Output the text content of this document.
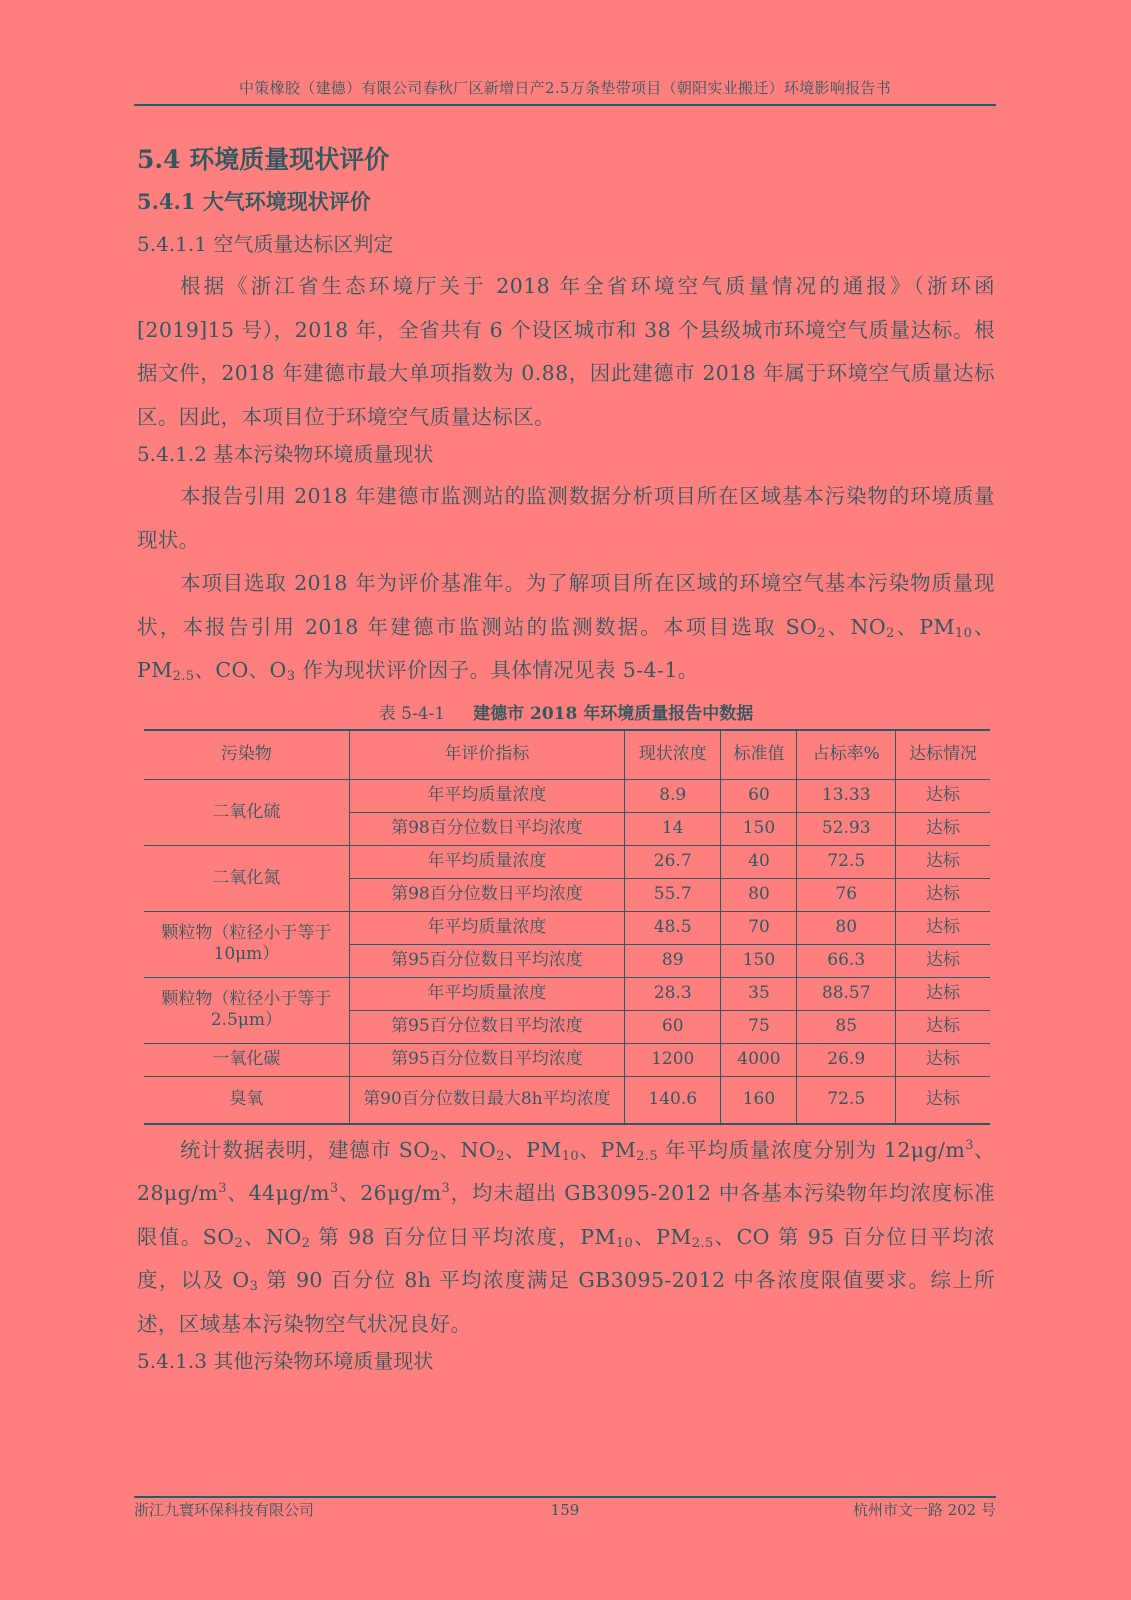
中策橡胶（建德）有限公司春秋厂区新增日产2.5万条垫带项目（朝阳实业搬迁）环境影响报告书
5.4 环境质量现状评价
5.4.1 大气环境现状评价
5.4.1.1 空气质量达标区判定

根据《浙江省生态环境厅关于 2018 年全省环境空气质量情况的通报》（浙环函[2019]15 号），2018 年，全省共有 6 个设区城市和 38 个县级城市环境空气质量达标。根据文件，2018 年建德市最大单项指数为 0.88，因此建德市 2018 年属于环境空气质量达标区。因此，本项目位于环境空气质量达标区。

5.4.1.2 基本污染物环境质量现状

本报告引用 2018 年建德市监测站的监测数据分析项目所在区域基本污染物的环境质量现状。

本项目选取 2018 年为评价基准年。为了解项目所在区域的环境空气基本污染物质量现状，本报告引用 2018 年建德市监测站的监测数据。本项目选取 $SO_2$、$NO_2$、$PM_{10}$、$PM_{2.5}$、CO、$O_3$ 作为现状评价因子。具体情况见表 5-4-1。

表 5-4-1 建德市 2018 年环境质量报告中数据
污染物	年评价指标	现状浓度	标准值	占标率%	达标情况
二氧化硫	年平均质量浓度	8.9	60	13.33	达标
	第98百分位数日平均浓度	14	150	52.93	达标
二氧化氮	年平均质量浓度	26.7	40	72.5	达标
	第98百分位数日平均浓度	55.7	80	76	达标
颗粒物（粒径小于等于10μm）	年平均质量浓度	48.5	70	80	达标
	第95百分位数日平均浓度	89	150	66.3	达标
颗粒物（粒径小于等于2.5μm）	年平均质量浓度	28.3	35	88.57	达标
	第95百分位数日平均浓度	60	75	85	达标
一氧化碳	第95百分位数日平均浓度	1200	4000	26.9	达标
臭氧	第90百分位数日最大8h平均浓度	140.6	160	72.5	达标

统计数据表明，建德市 $SO_2$、$NO_2$、$PM_{10}$、$PM_{2.5}$ 年平均质量浓度分别为 $12\mu g/m^3$、$28\mu g/m^3$、$44\mu g/m^3$、$26\mu g/m^3$，均未超出 GB3095-2012 中各基本污染物年均浓度标准限值。$SO_2$、$NO_2$ 第 98 百分位日平均浓度，$PM_{10}$、$PM_{2.5}$、CO 第 95 百分位日平均浓度，以及 $O_3$ 第 90 百分位 8h 平均浓度满足 GB3095-2012 中各浓度限值要求。综上所述，区域基本污染物空气状况良好。

5.4.1.3 其他污染物环境质量现状
浙江九寰环保科技有限公司	159	杭州市文一路 202 号
